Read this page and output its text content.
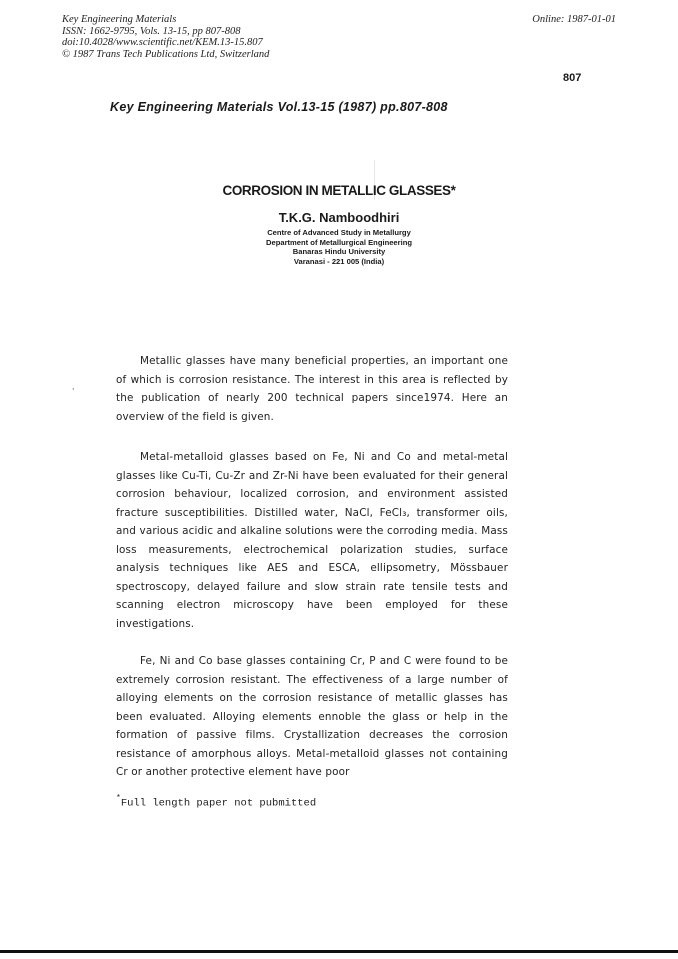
Key Engineering Materials
ISSN: 1662-9795, Vols. 13-15, pp 807-808
doi:10.4028/www.scientific.net/KEM.13-15.807
© 1987 Trans Tech Publications Ltd, Switzerland
Online: 1987-01-01
807
Key Engineering Materials Vol.13-15 (1987) pp.807-808
CORROSION IN METALLIC GLASSES*
T.K.G. Namboodhiri
Centre of Advanced Study in Metallurgy
Department of Metallurgical Engineering
Banaras Hindu University
Varanasi - 221 005 (India)
,

Metallic glasses have many beneficial properties, an important one of which is corrosion resistance. The interest in this area is reflected by the publication of nearly 200 technical papers since1974. Here an overview of the field is given.

Metal-metalloid glasses based on Fe, Ni and Co and metal-metal glasses like Cu-Ti, Cu-Zr and Zr-Ni have been evaluated for their general corrosion behaviour, localized corrosion, and environment assisted fracture susceptibilities. Distilled water, NaCl, FeCl₃, transformer oils, and various acidic and alkaline solutions were the corroding media. Mass loss measurements, electrochemical polarization studies, surface analysis techniques like AES and ESCA, ellipsometry, Mössbauer spectroscopy, delayed failure and slow strain rate tensile tests and scanning electron microscopy have been employed for these investigations.

Fe, Ni and Co base glasses containing Cr, P and C were found to be extremely corrosion resistant. The effectiveness of a large number of alloying elements on the corrosion resistance of metallic glasses has been evaluated. Alloying elements ennoble the glass or help in the formation of passive films. Crystallization decreases the corrosion resistance of amorphous alloys. Metal-metalloid glasses not containing Cr or another protective element have poor

*Full length paper not pubmitted
